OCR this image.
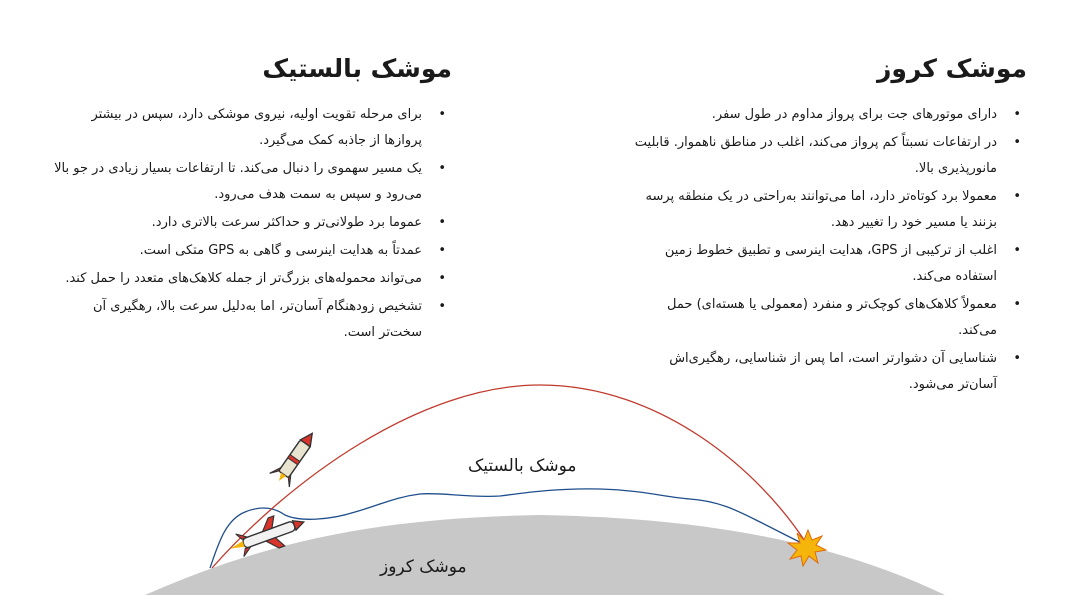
موشک کروز
• دارای موتورهای جت برای پرواز مداوم در طول سفر.
• در ارتفاعات نسبتاً کم پرواز می‌کند، اغلب در مناطق ناهموار. قابلیت مانورپذیری بالا.
• معمولا برد کوتاه‌تر دارد، اما می‌توانند به‌راحتی در یک منطقه پرسه بزنند یا مسیر خود را تغییر دهد.
• اغلب از ترکیبی از GPS، هدایت اینرسی و تطبیق خطوط زمین استفاده می‌کند.
• معمولاً کلاهک‌های کوچک‌تر و منفرد (معمولی یا هسته‌ای) حمل می‌کند.
• شناسایی آن دشوارتر است، اما پس از شناسایی، رهگیری‌اش آسان‌تر می‌شود.
موشک بالستیک
• برای مرحله تقویت اولیه، نیروی موشکی دارد، سپس در بیشتر پروازها از جاذبه کمک می‌گیرد.
• یک مسیر سهموی را دنبال می‌کند. تا ارتفاعات بسیار زیادی در جو بالا می‌رود و سپس به سمت هدف می‌رود.
• عموما برد طولانی‌تر و حداکثر سرعت بالاتری دارد.
• عمدتاً به هدایت اینرسی و گاهی به GPS متکی است.
• می‌تواند محموله‌های بزرگ‌تر از جمله کلاهک‌های متعدد را حمل کند.
• تشخیص زودهنگام آسان‌تر، اما به‌دلیل سرعت بالا، رهگیری آن سخت‌تر است.
موشک بالستیک
موشک کروز
